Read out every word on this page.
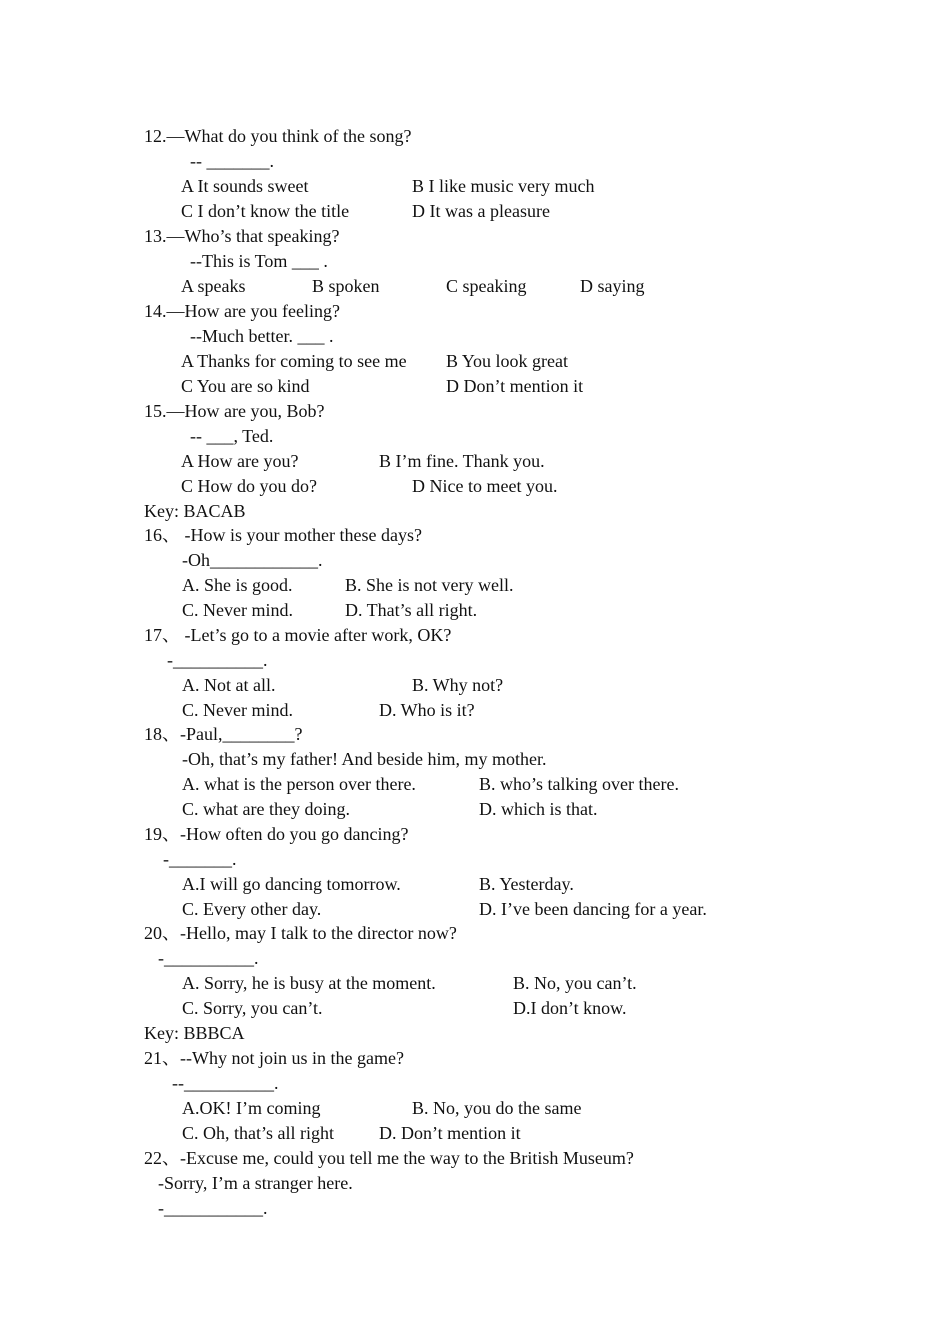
12.—What do you think of the song?
-- _______.
A It sounds sweet	B I like music very much
C I don’t know the title	D It was a pleasure
13.—Who’s that speaking?
--This is Tom ___ .
A speaks	B spoken	C speaking	D saying
14.—How are you feeling?
--Much better. ___ .
A Thanks for coming to see me B You look great
C You are so kind	D Don’t mention it
15.—How are you, Bob?
-- ___, Ted.
A How are you?	B I’m fine. Thank you.
C How do you do?	D Nice to meet you.
Key: BACAB
16、 -How is your mother these days?
-Oh____________.
A. She is good.	B. She is not very well.
C. Never mind.	D. That’s all right.
17、 -Let’s go to a movie after work, OK?
-__________.
A. Not at all.	B. Why not?
C. Never mind.	D. Who is it?
18、-Paul,________?
-Oh, that’s my father! And beside him, my mother.
A. what is the person over there.	B. who’s talking over there.
C. what are they doing.	D. which is that.
19、-How often do you go dancing?
-_______.
A.I will go dancing tomorrow.	B. Yesterday.
C. Every other day.	D. I’ve been dancing for a year.
20、-Hello, may I talk to the director now?
-__________.
A. Sorry, he is busy at the moment.	B. No, you can’t.
C. Sorry, you can’t.	D.I don’t know.
Key: BBBCA
21、--Why not join us in the game?
--__________.
A.OK! I’m coming	B. No, you do the same
C. Oh, that’s all right	D. Don’t mention it
22、-Excuse me, could you tell me the way to the British Museum?
-Sorry, I’m a stranger here.
-___________.
